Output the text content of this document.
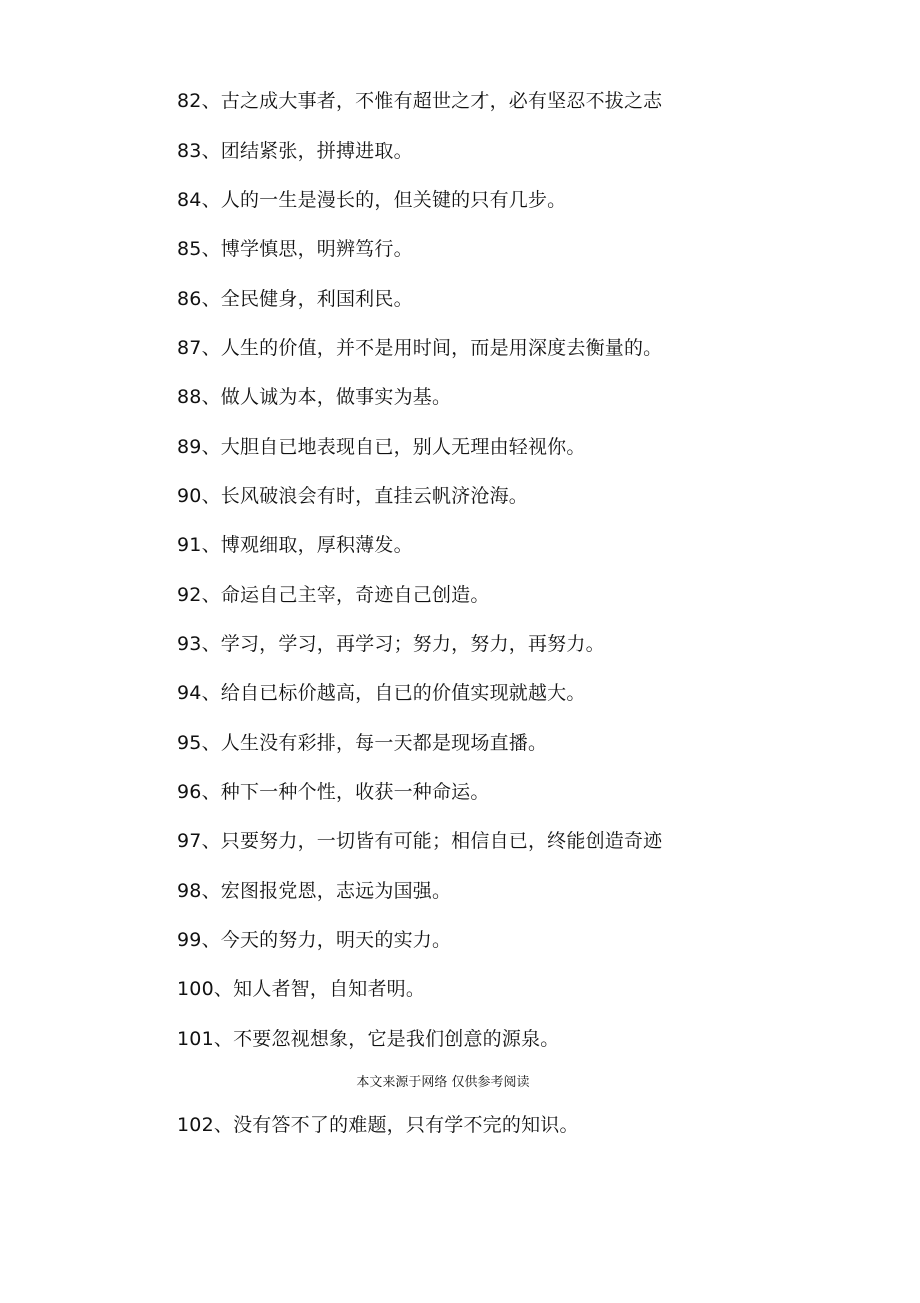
82、古之成大事者，不惟有超世之才，必有坚忍不拔之志
83、团结紧张，拼搏进取。
84、人的一生是漫长的，但关键的只有几步。
85、博学慎思，明辨笃行。
86、全民健身，利国利民。
87、人生的价值，并不是用时间，而是用深度去衡量的。
88、做人诚为本，做事实为基。
89、大胆自已地表现自已，别人无理由轻视你。
90、长风破浪会有时，直挂云帆济沧海。
91、博观细取，厚积薄发。
92、命运自己主宰，奇迹自己创造。
93、学习，学习，再学习；努力，努力，再努力。
94、给自已标价越高，自已的价值实现就越大。
95、人生没有彩排，每一天都是现场直播。
96、种下一种个性，收获一种命运。
97、只要努力，一切皆有可能；相信自已，终能创造奇迹
98、宏图报党恩，志远为国强。
99、今天的努力，明天的实力。
100、知人者智，自知者明。
101、不要忽视想象，它是我们创意的源泉。
本文来源于网络 仅供参考阅读
102、没有答不了的难题，只有学不完的知识。
